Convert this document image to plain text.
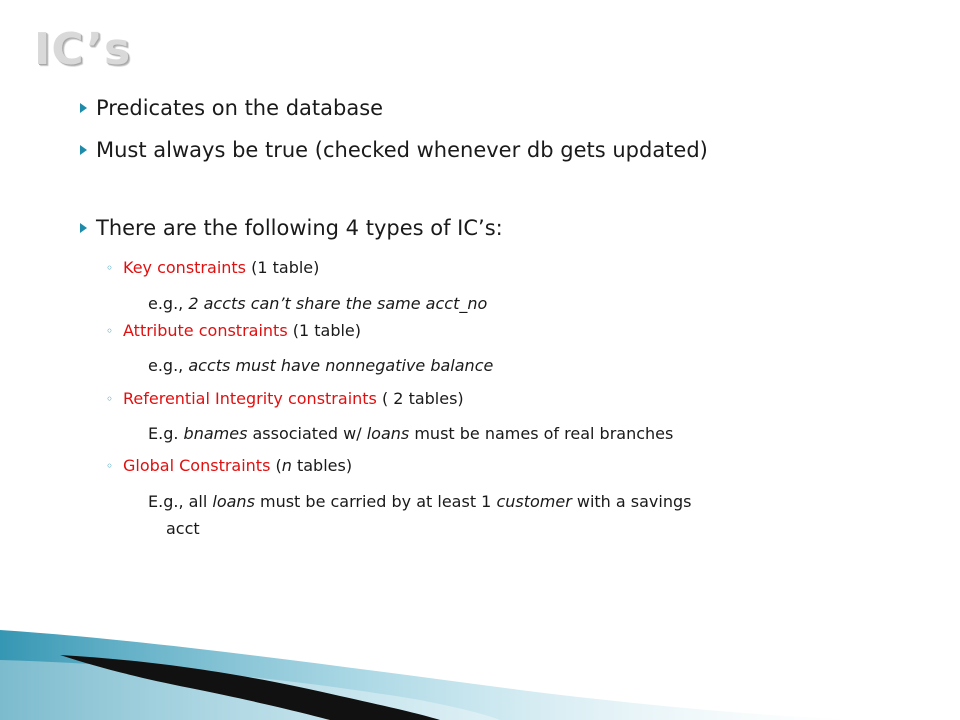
IC’s
Predicates on the database
Must always be true (checked whenever db gets updated)
There are the following 4 types of IC’s:
◦ Key constraints (1 table)
e.g., 2 accts can’t share the same acct_no
◦ Attribute constraints (1 table)
e.g., accts must have nonnegative balance
◦ Referential Integrity constraints ( 2 tables)
E.g. bnames associated w/ loans must be names of real branches
◦ Global Constraints (n tables)
E.g., all loans must be carried by at least 1 customer with a savings
acct
